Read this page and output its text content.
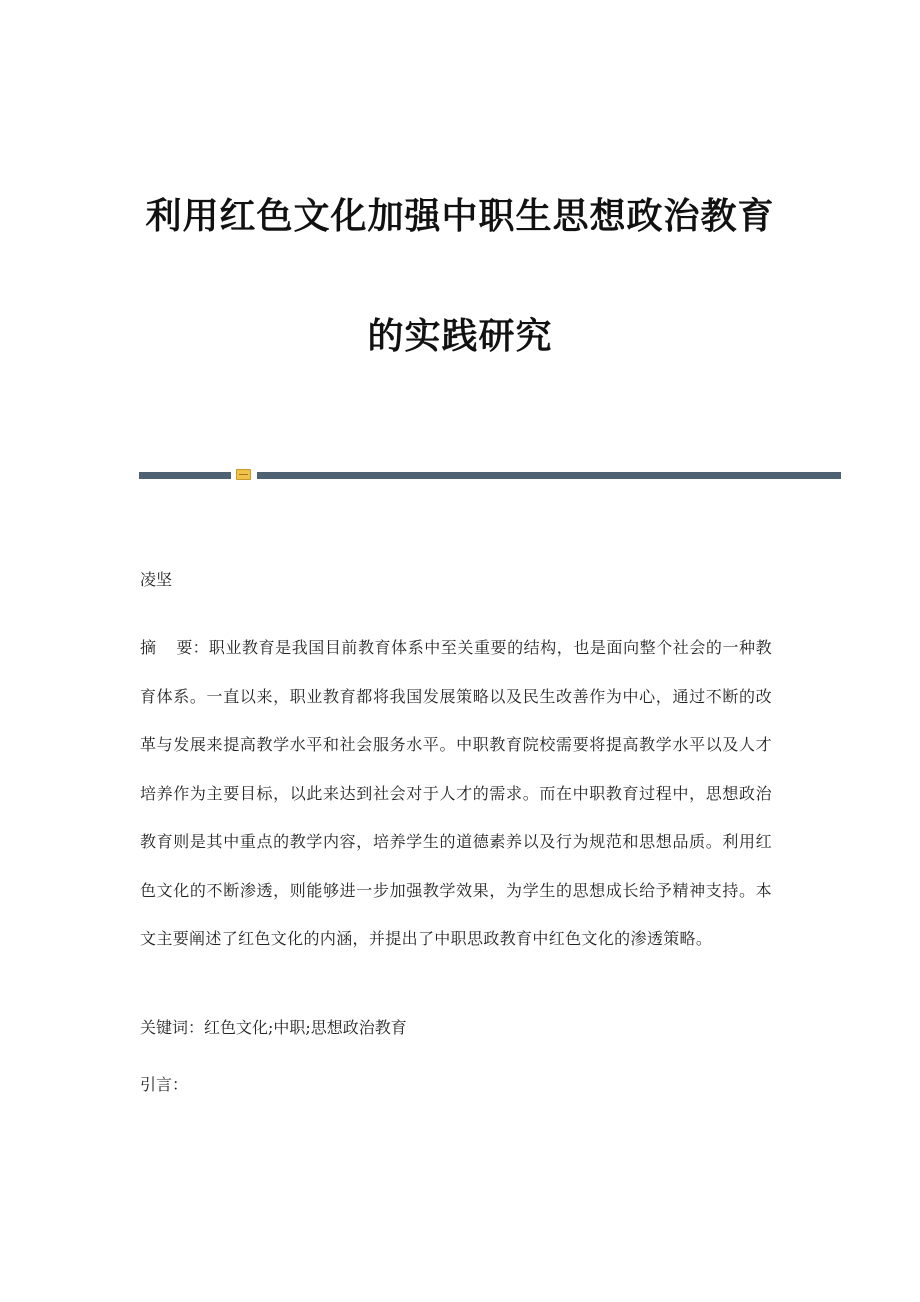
利用红色文化加强中职生思想政治教育
的实践研究
凌坚
摘 要：职业教育是我国目前教育体系中至关重要的结构，也是面向整个社会的一种教育体系。一直以来，职业教育都将我国发展策略以及民生改善作为中心，通过不断的改革与发展来提高教学水平和社会服务水平。中职教育院校需要将提高教学水平以及人才培养作为主要目标，以此来达到社会对于人才的需求。而在中职教育过程中，思想政治教育则是其中重点的教学内容，培养学生的道德素养以及行为规范和思想品质。利用红色文化的不断渗透，则能够进一步加强教学效果，为学生的思想成长给予精神支持。本文主要阐述了红色文化的内涵，并提出了中职思政教育中红色文化的渗透策略。
关键词：红色文化;中职;思想政治教育
引言：
